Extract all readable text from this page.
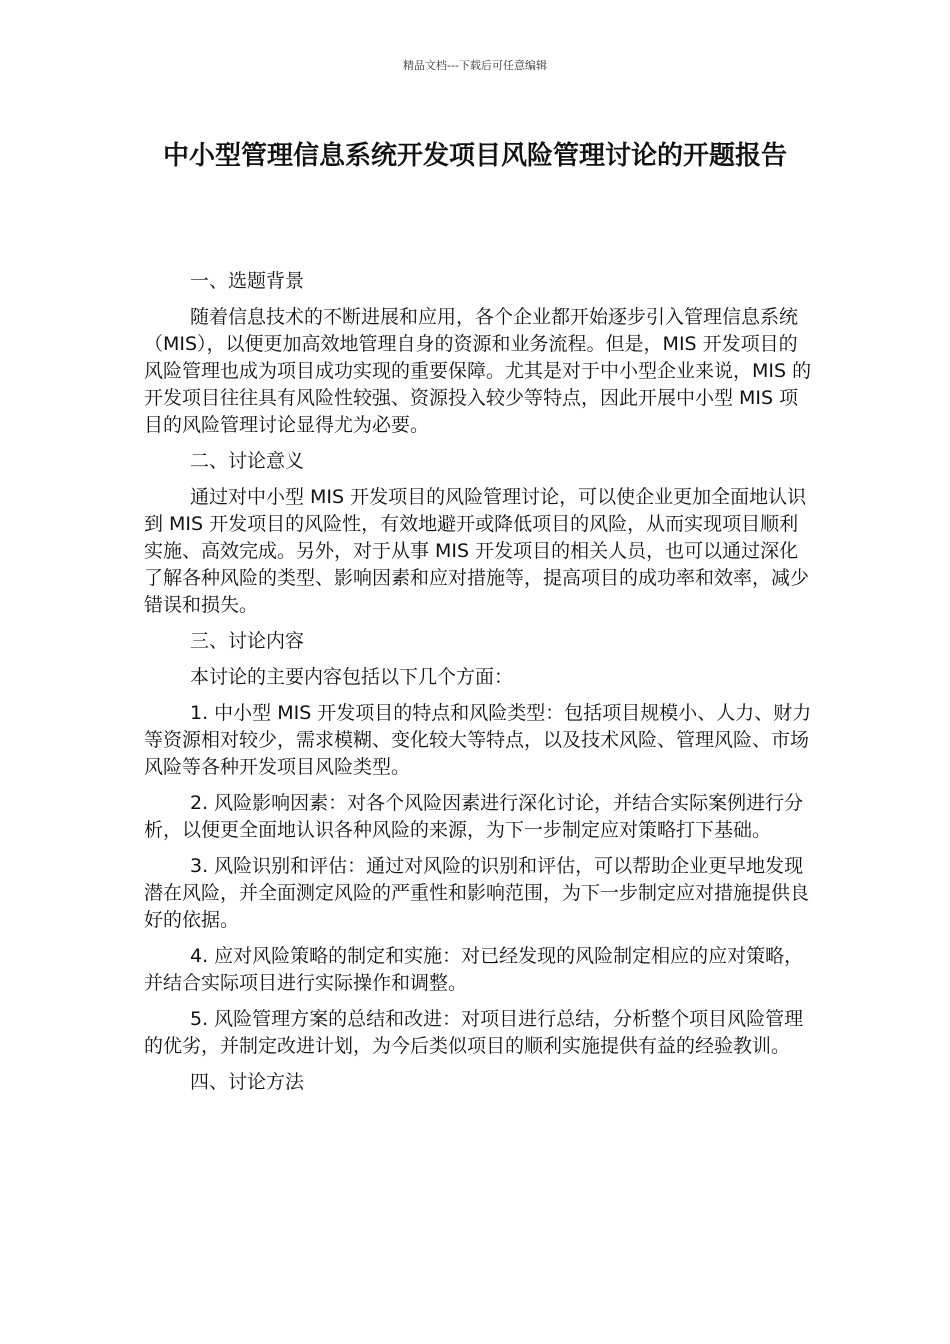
精品文档---下载后可任意编辑
中小型管理信息系统开发项目风险管理讨论的开题报告
一、选题背景

随着信息技术的不断进展和应用，各个企业都开始逐步引入管理信息系统（MIS），以便更加高效地管理自身的资源和业务流程。但是，MIS 开发项目的风险管理也成为项目成功实现的重要保障。尤其是对于中小型企业来说，MIS 的开发项目往往具有风险性较强、资源投入较少等特点，因此开展中小型 MIS 项目的风险管理讨论显得尤为必要。

二、讨论意义

通过对中小型 MIS 开发项目的风险管理讨论，可以使企业更加全面地认识到 MIS 开发项目的风险性，有效地避开或降低项目的风险，从而实现项目顺利实施、高效完成。另外，对于从事 MIS 开发项目的相关人员，也可以通过深化了解各种风险的类型、影响因素和应对措施等，提高项目的成功率和效率，减少错误和损失。

三、讨论内容

本讨论的主要内容包括以下几个方面：

1. 中小型 MIS 开发项目的特点和风险类型：包括项目规模小、人力、财力等资源相对较少，需求模糊、变化较大等特点，以及技术风险、管理风险、市场风险等各种开发项目风险类型。

2. 风险影响因素：对各个风险因素进行深化讨论，并结合实际案例进行分析，以便更全面地认识各种风险的来源，为下一步制定应对策略打下基础。

3. 风险识别和评估：通过对风险的识别和评估，可以帮助企业更早地发现潜在风险，并全面测定风险的严重性和影响范围，为下一步制定应对措施提供良好的依据。

4. 应对风险策略的制定和实施：对已经发现的风险制定相应的应对策略，并结合实际项目进行实际操作和调整。

5. 风险管理方案的总结和改进：对项目进行总结，分析整个项目风险管理的优劣，并制定改进计划，为今后类似项目的顺利实施提供有益的经验教训。

四、讨论方法
